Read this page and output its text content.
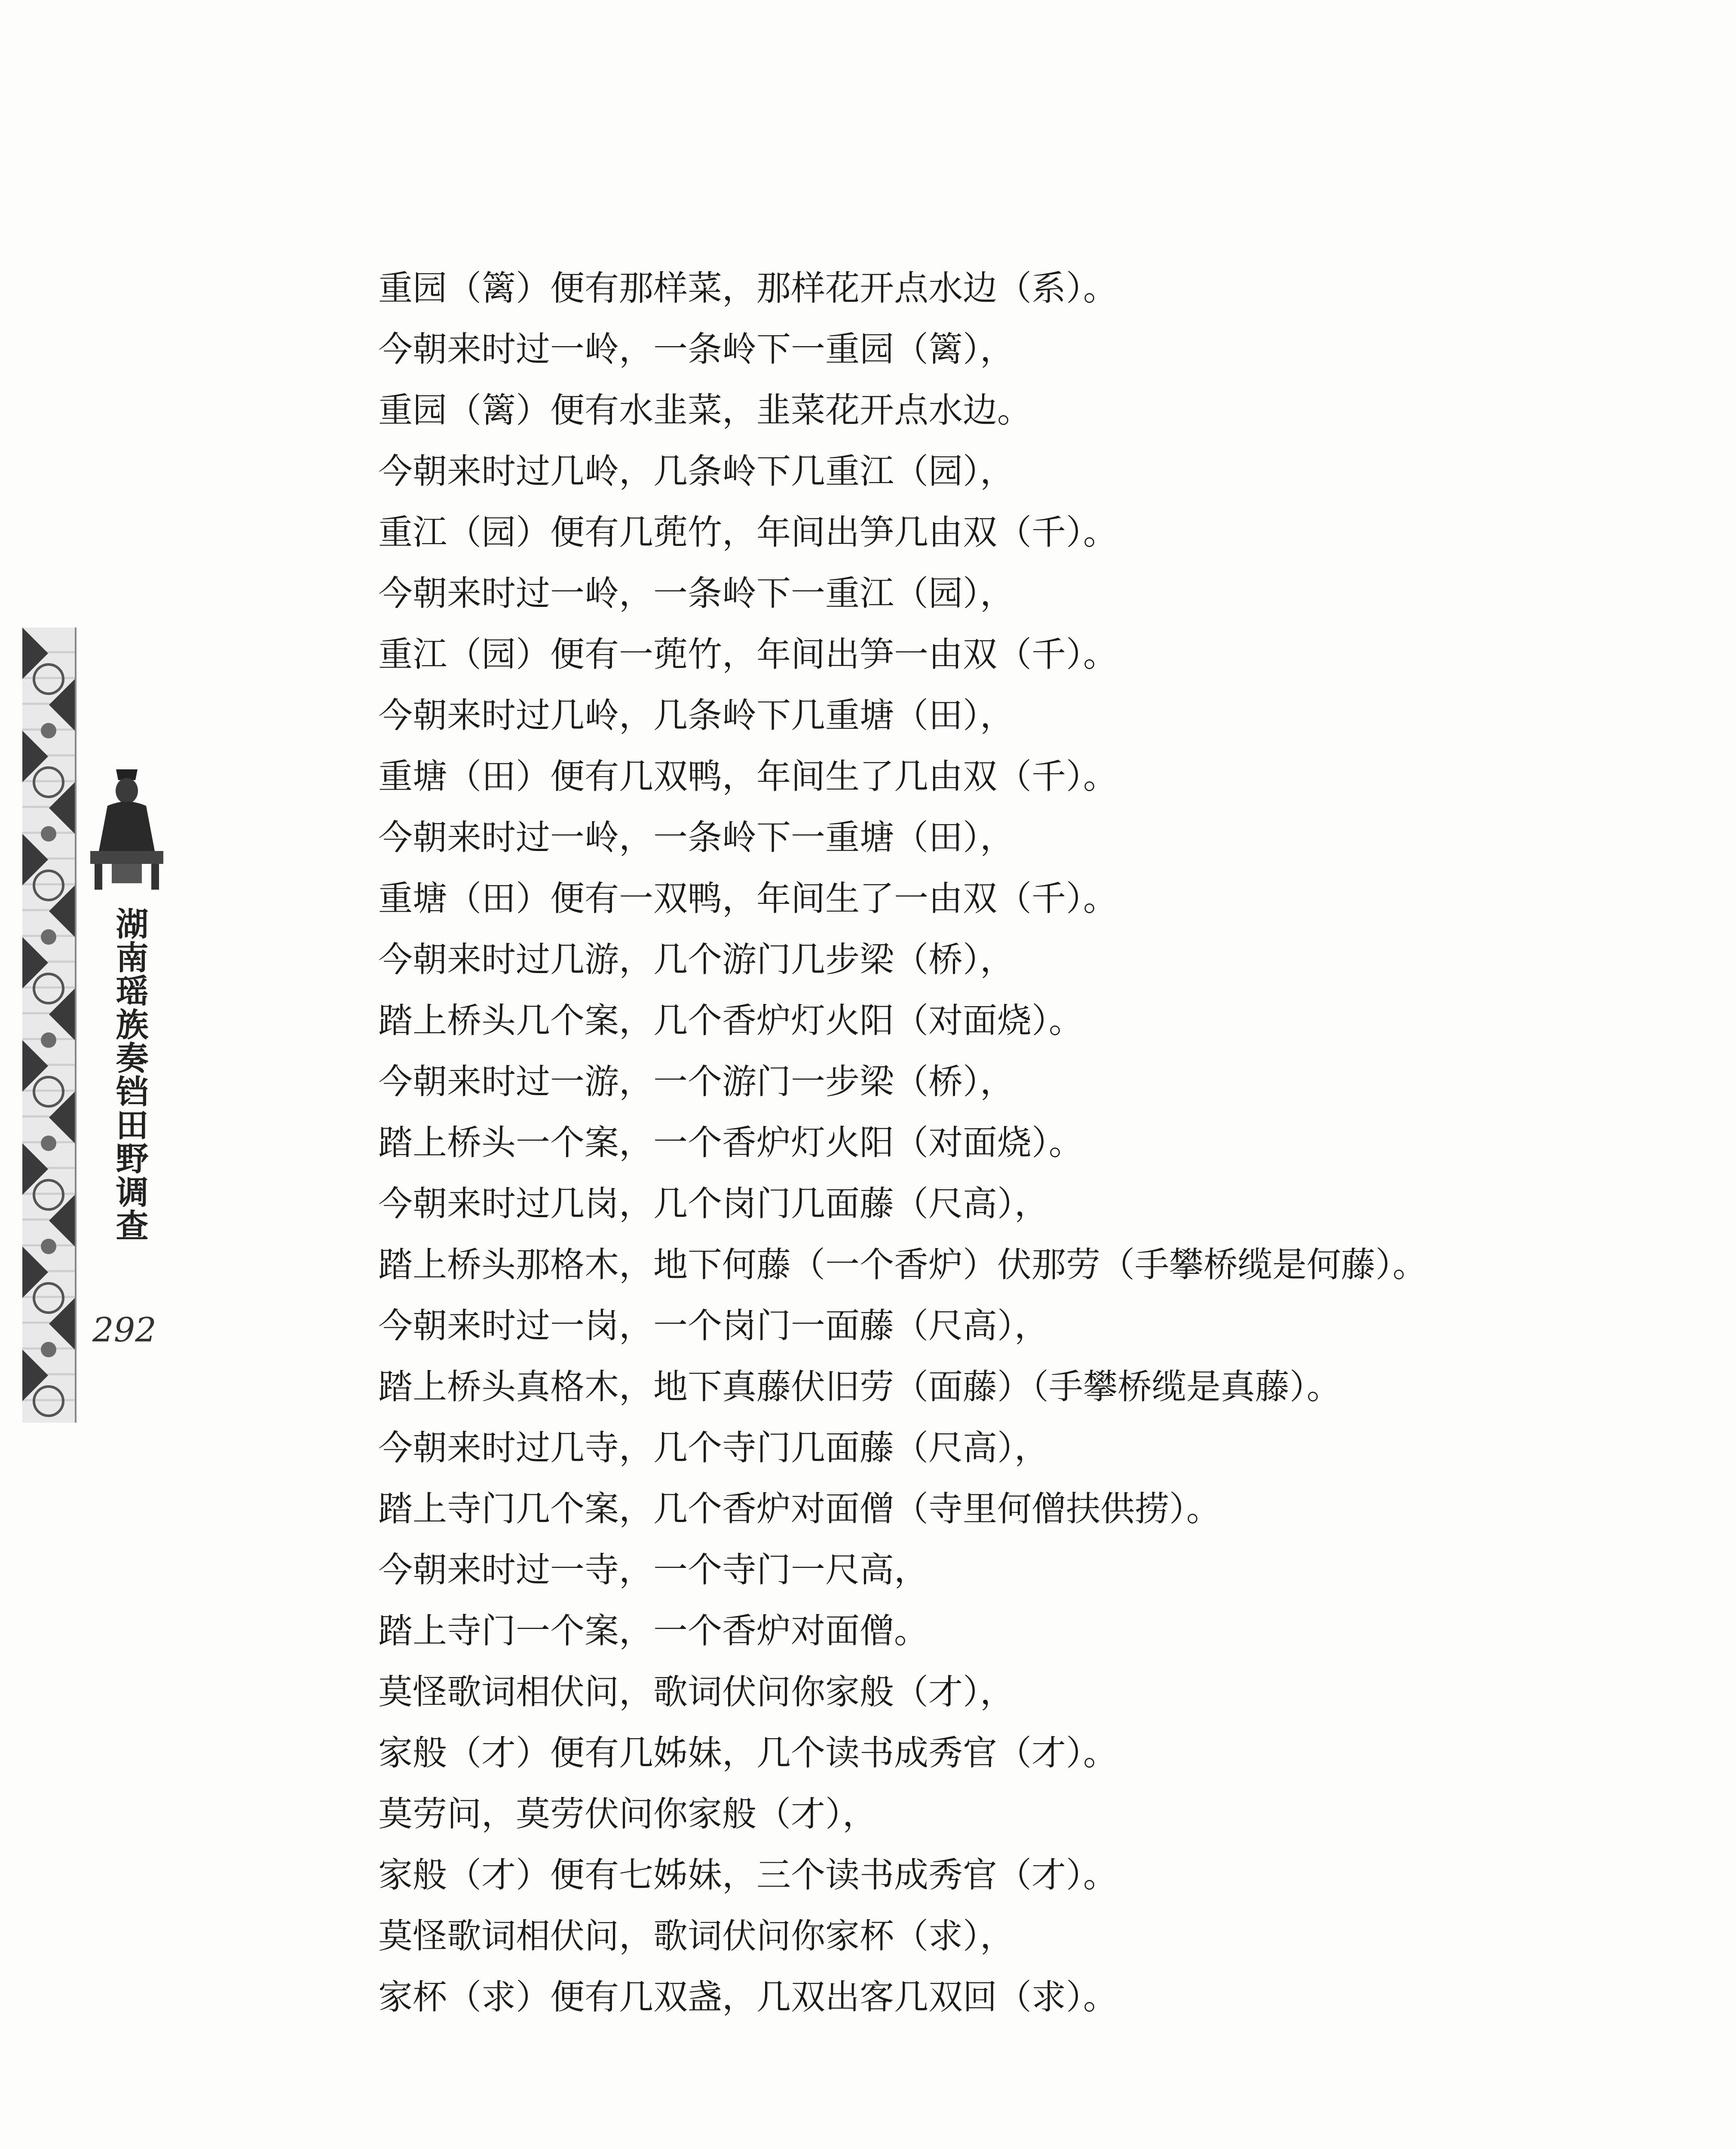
湖南瑶族奏铛田野调查
292
重园（篱）便有那样菜，那样花开点水边（系）。
今朝来时过一岭，一条岭下一重园（篱），
重园（篱）便有水韭菜，韭菜花开点水边。
今朝来时过几岭，几条岭下几重江（园），
重江（园）便有几蔸竹，年间出笋几由双（千）。
今朝来时过一岭，一条岭下一重江（园），
重江（园）便有一蔸竹，年间出笋一由双（千）。
今朝来时过几岭，几条岭下几重塘（田），
重塘（田）便有几双鸭，年间生了几由双（千）。
今朝来时过一岭，一条岭下一重塘（田），
重塘（田）便有一双鸭，年间生了一由双（千）。
今朝来时过几游，几个游门几步梁（桥），
踏上桥头几个案，几个香炉灯火阳（对面烧）。
今朝来时过一游，一个游门一步梁（桥），
踏上桥头一个案，一个香炉灯火阳（对面烧）。
今朝来时过几岗，几个岗门几面藤（尺高），
踏上桥头那格木，地下何藤（一个香炉）伏那劳（手攀桥缆是何藤）。
今朝来时过一岗，一个岗门一面藤（尺高），
踏上桥头真格木，地下真藤伏旧劳（面藤）（手攀桥缆是真藤）。
今朝来时过几寺，几个寺门几面藤（尺高），
踏上寺门几个案，几个香炉对面僧（寺里何僧扶供捞）。
今朝来时过一寺，一个寺门一尺高，
踏上寺门一个案，一个香炉对面僧。
莫怪歌词相伏问，歌词伏问你家般（才），
家般（才）便有几姊妹，几个读书成秀官（才）。
莫劳问，莫劳伏问你家般（才），
家般（才）便有七姊妹，三个读书成秀官（才）。
莫怪歌词相伏问，歌词伏问你家杯（求），
家杯（求）便有几双盏，几双出客几双回（求）。
